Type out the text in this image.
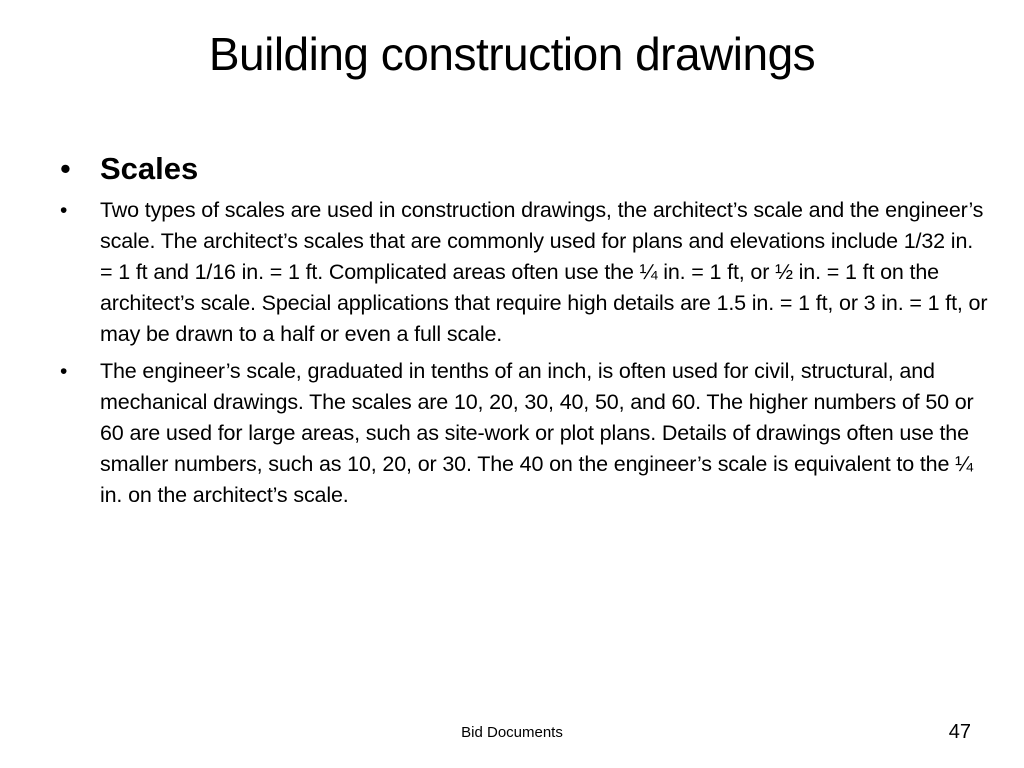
Building construction drawings
• Scales
•	Two types of scales are used in construction drawings, the architect’s scale and the engineer’s scale. The architect’s scales that are commonly used for plans and elevations include 1/32 in. = 1 ft and 1/16 in. = 1 ft. Complicated areas often use the ¼ in. = 1 ft, or ½ in. = 1 ft on the architect’s scale. Special applications that require high details are 1.5 in. = 1 ft, or 3 in. = 1 ft, or may be drawn to a half or even a full scale.
•	The engineer’s scale, graduated in tenths of an inch, is often used for civil, structural, and mechanical drawings. The scales are 10, 20, 30, 40, 50, and 60. The higher numbers of 50 or 60 are used for large areas, such as site-work or plot plans. Details of drawings often use the smaller numbers, such as 10, 20, or 30. The 40 on the engineer’s scale is equivalent to the ¼ in. on the architect’s scale.
Bid Documents	47
